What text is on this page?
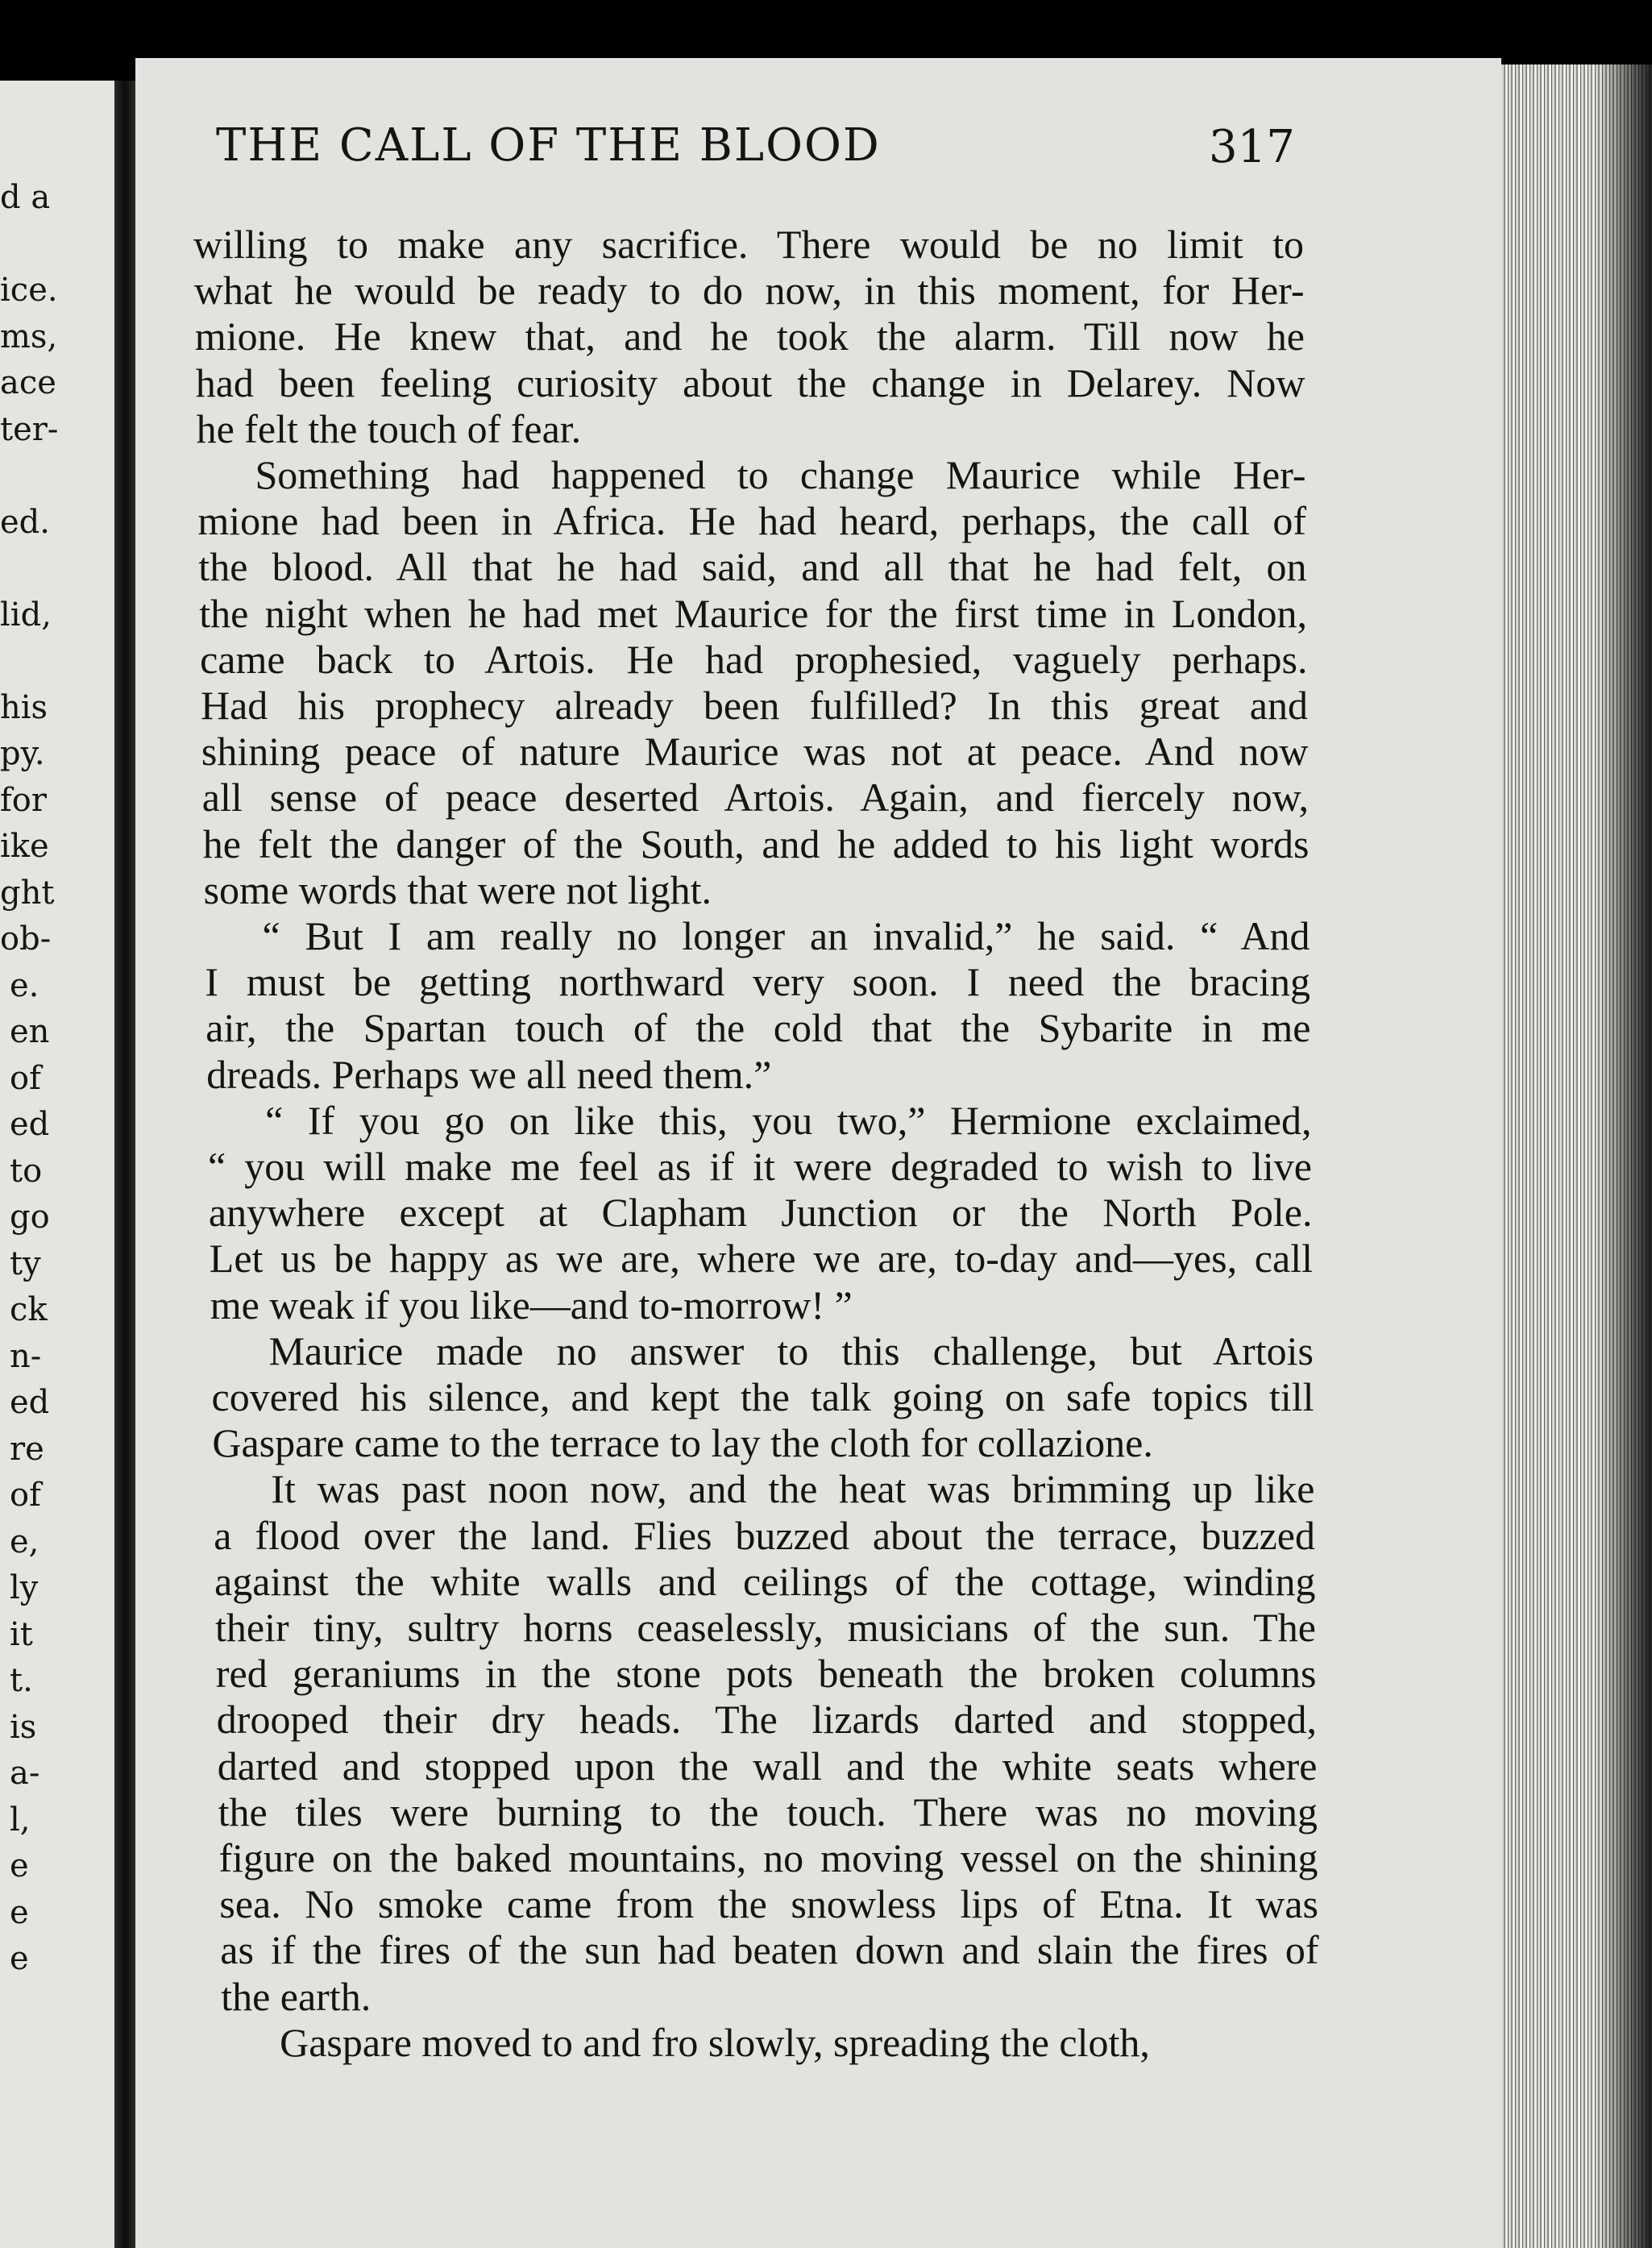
d a
ice.
ms,
ace
ter-
ed.
lid,
his
py.
for
ike
ght
ob-
e.
en
of
ed
to
go
ty
ck
n-
ed
re
of
e,
ly
it
t.
is
a-
l,
e
e
e
THE CALL OF THE BLOOD	317
willing to make any sacrifice. There would be no limit to
what he would be ready to do now, in this moment, for Her-
mione. He knew that, and he took the alarm. Till now he
had been feeling curiosity about the change in Delarey. Now
he felt the touch of fear.
Something had happened to change Maurice while Her-
mione had been in Africa. He had heard, perhaps, the call of
the blood. All that he had said, and all that he had felt, on
the night when he had met Maurice for the first time in London,
came back to Artois. He had prophesied, vaguely perhaps.
Had his prophecy already been fulfilled? In this great and
shining peace of nature Maurice was not at peace. And now
all sense of peace deserted Artois. Again, and fiercely now,
he felt the danger of the South, and he added to his light words
some words that were not light.
“ But I am really no longer an invalid,” he said. “ And
I must be getting northward very soon. I need the bracing
air, the Spartan touch of the cold that the Sybarite in me
dreads. Perhaps we all need them.”
“ If you go on like this, you two,” Hermione exclaimed,
“ you will make me feel as if it were degraded to wish to live
anywhere except at Clapham Junction or the North Pole.
Let us be happy as we are, where we are, to-day and—yes, call
me weak if you like—and to-morrow! ”
Maurice made no answer to this challenge, but Artois
covered his silence, and kept the talk going on safe topics till
Gaspare came to the terrace to lay the cloth for collazione.
It was past noon now, and the heat was brimming up like
a flood over the land. Flies buzzed about the terrace, buzzed
against the white walls and ceilings of the cottage, winding
their tiny, sultry horns ceaselessly, musicians of the sun. The
red geraniums in the stone pots beneath the broken columns
drooped their dry heads. The lizards darted and stopped,
darted and stopped upon the wall and the white seats where
the tiles were burning to the touch. There was no moving
figure on the baked mountains, no moving vessel on the shining
sea. No smoke came from the snowless lips of Etna. It was
as if the fires of the sun had beaten down and slain the fires of
the earth.
Gaspare moved to and fro slowly, spreading the cloth,
